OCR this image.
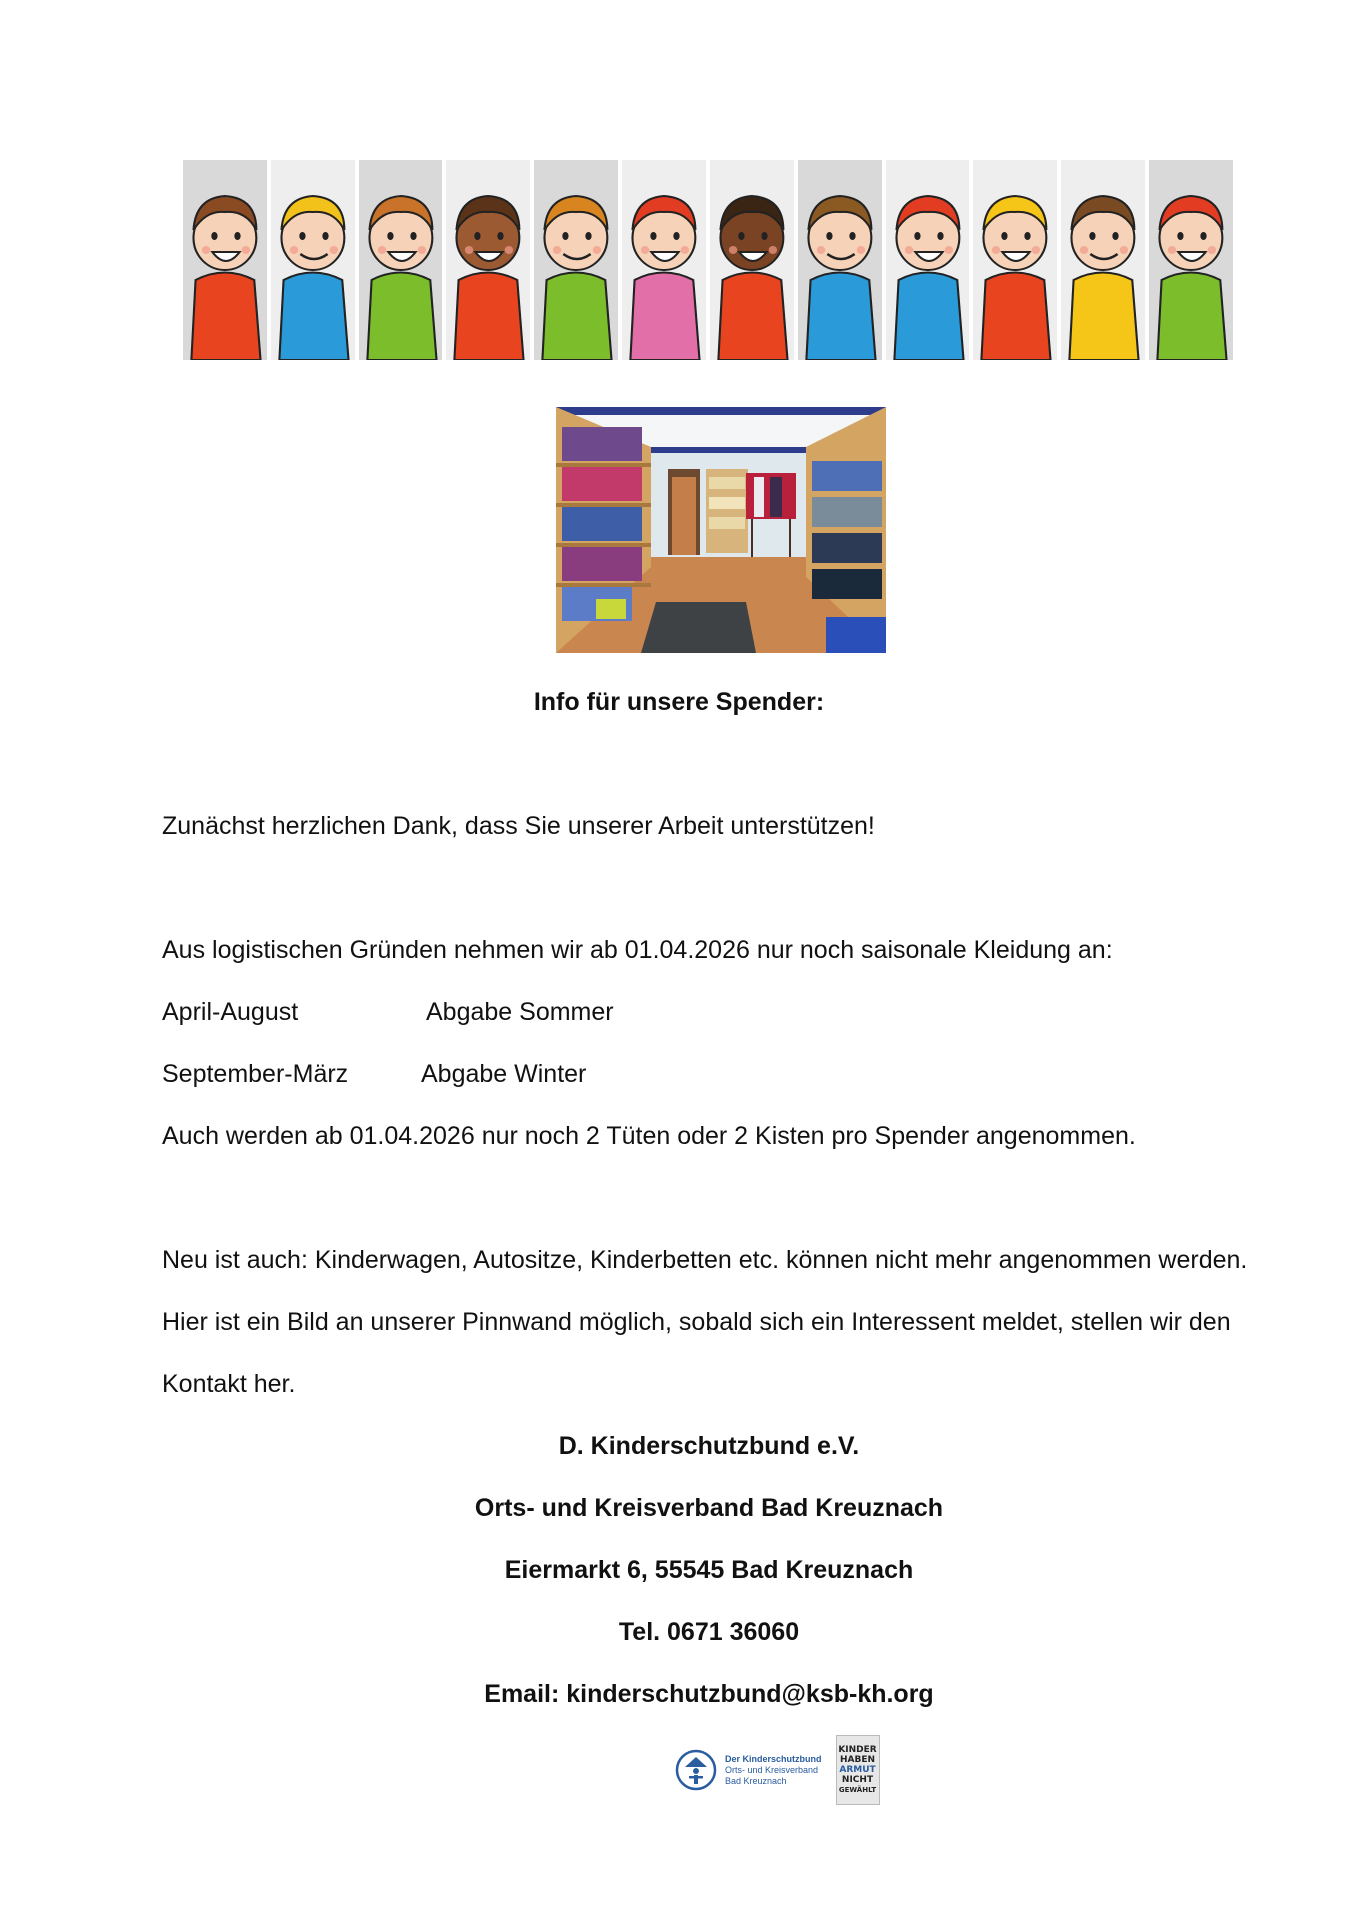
Info für unsere Spender:
Zunächst herzlichen Dank, dass Sie unserer Arbeit unterstützen!
Aus logistischen Gründen nehmen wir ab 01.04.2026 nur noch saisonale Kleidung an:
April-August	Abgabe Sommer
September-März	Abgabe Winter
Auch werden ab 01.04.2026 nur noch 2 Tüten oder 2 Kisten pro Spender angenommen.
Neu ist auch: Kinderwagen, Autositze, Kinderbetten etc. können nicht mehr angenommen werden.
Hier ist ein Bild an unserer Pinnwand möglich, sobald sich ein Interessent meldet, stellen wir den
Kontakt her.
D. Kinderschutzbund e.V.
Orts- und Kreisverband Bad Kreuznach
Eiermarkt 6, 55545 Bad Kreuznach
Tel. 0671 36060
Email: kinderschutzbund@ksb-kh.org
Der Kinderschutzbund
Orts- und Kreisverband
Bad Kreuznach
KINDER
HABEN
ARMUT
NICHT
GEWÄHLT
